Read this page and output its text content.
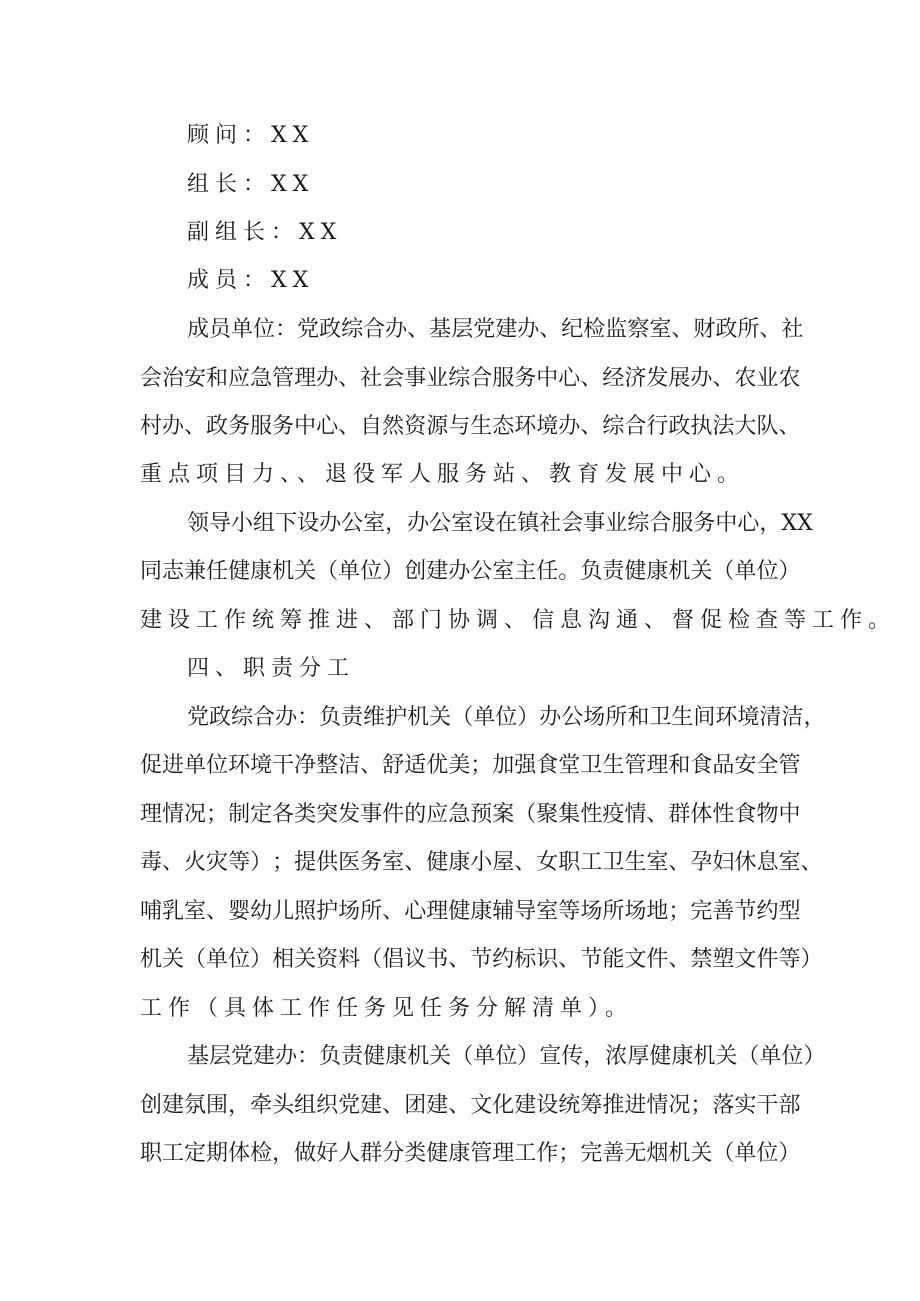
顾问：XX
组长：XX
副组长：XX
成员：XX
成 员 单 位 ： 党 政 综 合 办 、 基 层 党 建 办 、 纪 检 监 察 室 、 财 政 所 、 社
会 治 安 和 应 急 管 理 办 、 社 会 事 业 综 合 服 务 中 心 、 经 济 发 展 办 、 农 业 农
村 办 、 政 务 服 务 中 心 、 自 然 资 源 与 生 态 环 境 办 、 综 合 行 政 执 法 大 队 、
重点项目力、、退役军人服务站、教育发展中心。
领 导 小 组 下 设 办 公 室 ， 办 公 室 设 在 镇 社 会 事 业 综 合 服 务 中 心 ， X X
同 志 兼 任 健 康 机 关 （ 单 位 ） 创 建 办 公 室 主 任 。 负 责 健 康 机 关 （ 单 位 ）
建设工作统筹推进、部门协调、信息沟通、督促检查等工作。
四、职责分工
党 政 综 合 办 ： 负 责 维 护 机 关 （ 单 位 ） 办 公 场 所 和 卫 生 间 环 境 清 洁 ，
促 进 单 位 环 境 干 净 整 洁 、 舒 适 优 美 ； 加 强 食 堂 卫 生 管 理 和 食 品 安 全 管
理 情 况 ； 制 定 各 类 突 发 事 件 的 应 急 预 案 （ 聚 集 性 疫 情 、 群 体 性 食 物 中
毒 、 火 灾 等 ） ； 提 供 医 务 室 、 健 康 小 屋 、 女 职 工 卫 生 室 、 孕 妇 休 息 室 、
哺 乳 室 、 婴 幼 儿 照 护 场 所 、 心 理 健 康 辅 导 室 等 场 所 场 地 ； 完 善 节 约 型
机 关 （ 单 位 ） 相 关 资 料 （ 倡 议 书 、 节 约 标 识 、 节 能 文 件 、 禁 塑 文 件 等 ）
工作（具体工作任务见任务分解清单）。
基 层 党 建 办 ： 负 责 健 康 机 关 （ 单 位 ） 宣 传 ， 浓 厚 健 康 机 关 （ 单 位 ）
创 建 氛 围 ， 牵 头 组 织 党 建 、 团 建 、 文 化 建 设 统 筹 推 进 情 况 ； 落 实 干 部
职 工 定 期 体 检 ， 做 好 人 群 分 类 健 康 管 理 工 作 ； 完 善 无 烟 机 关 （ 单 位 ）
